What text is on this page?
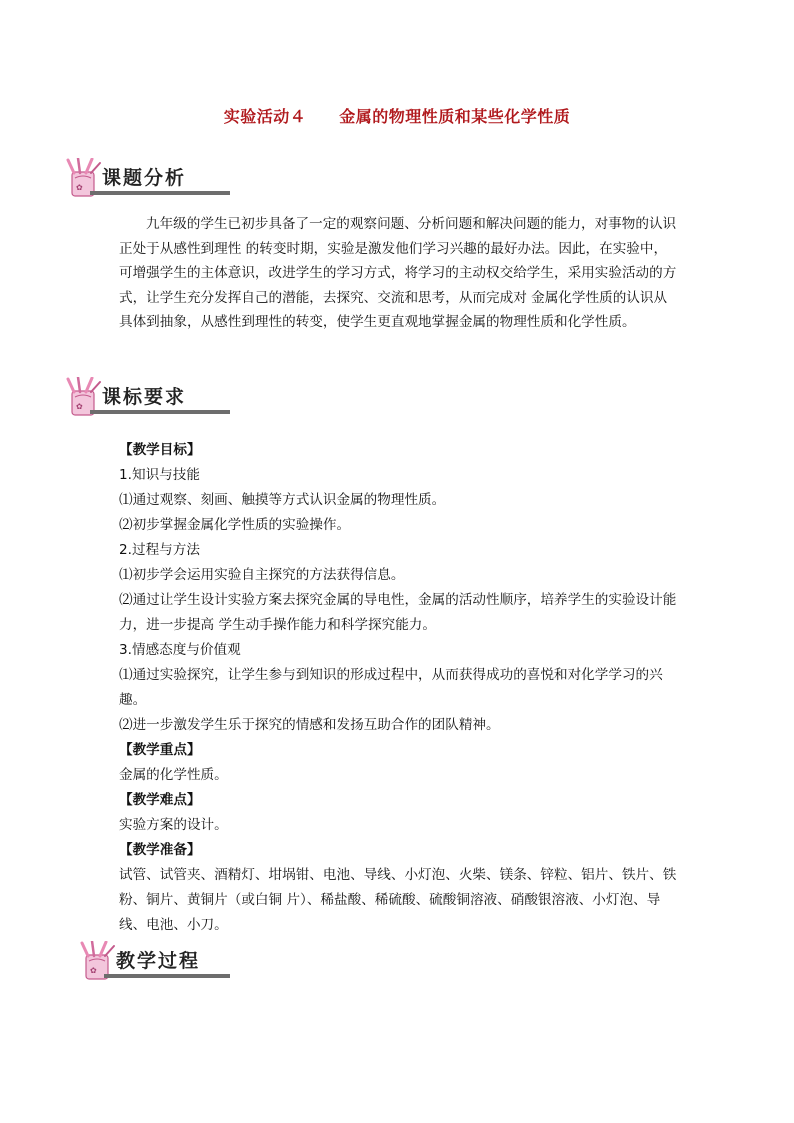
实验活动４　　金属的物理性质和某些化学性质
✿	课题分析
九年级的学生已初步具备了一定的观察问题、分析问题和解决问题的能力，对事物的认识正处于从感性到理性 的转变时期，实验是激发他们学习兴趣的最好办法。因此，在实验中，可增强学生的主体意识，改进学生的学习方式，将学习的主动权交给学生，采用实验活动的方式，让学生充分发挥自己的潜能，去探究、交流和思考，从而完成对 金属化学性质的认识从具体到抽象，从感性到理性的转变，使学生更直观地掌握金属的物理性质和化学性质。
✿	课标要求
【教学目标】
1.知识与技能
⑴通过观察、刻画、触摸等方式认识金属的物理性质。
⑵初步掌握金属化学性质的实验操作。
2.过程与方法
⑴初步学会运用实验自主探究的方法获得信息。
⑵通过让学生设计实验方案去探究金属的导电性，金属的活动性顺序，培养学生的实验设计能力，进一步提高 学生动手操作能力和科学探究能力。
3.情感态度与价值观
⑴通过实验探究，让学生参与到知识的形成过程中，从而获得成功的喜悦和对化学学习的兴趣。
⑵进一步激发学生乐于探究的情感和发扬互助合作的团队精神。
【教学重点】
金属的化学性质。
【教学难点】
实验方案的设计。
【教学准备】
试管、试管夹、酒精灯、坩埚钳、电池、导线、小灯泡、火柴、镁条、锌粒、铝片、铁片、铁粉、铜片、黄铜片（或白铜 片）、稀盐酸、稀硫酸、硫酸铜溶液、硝酸银溶液、小灯泡、导线、电池、小刀。
✿	教学过程
